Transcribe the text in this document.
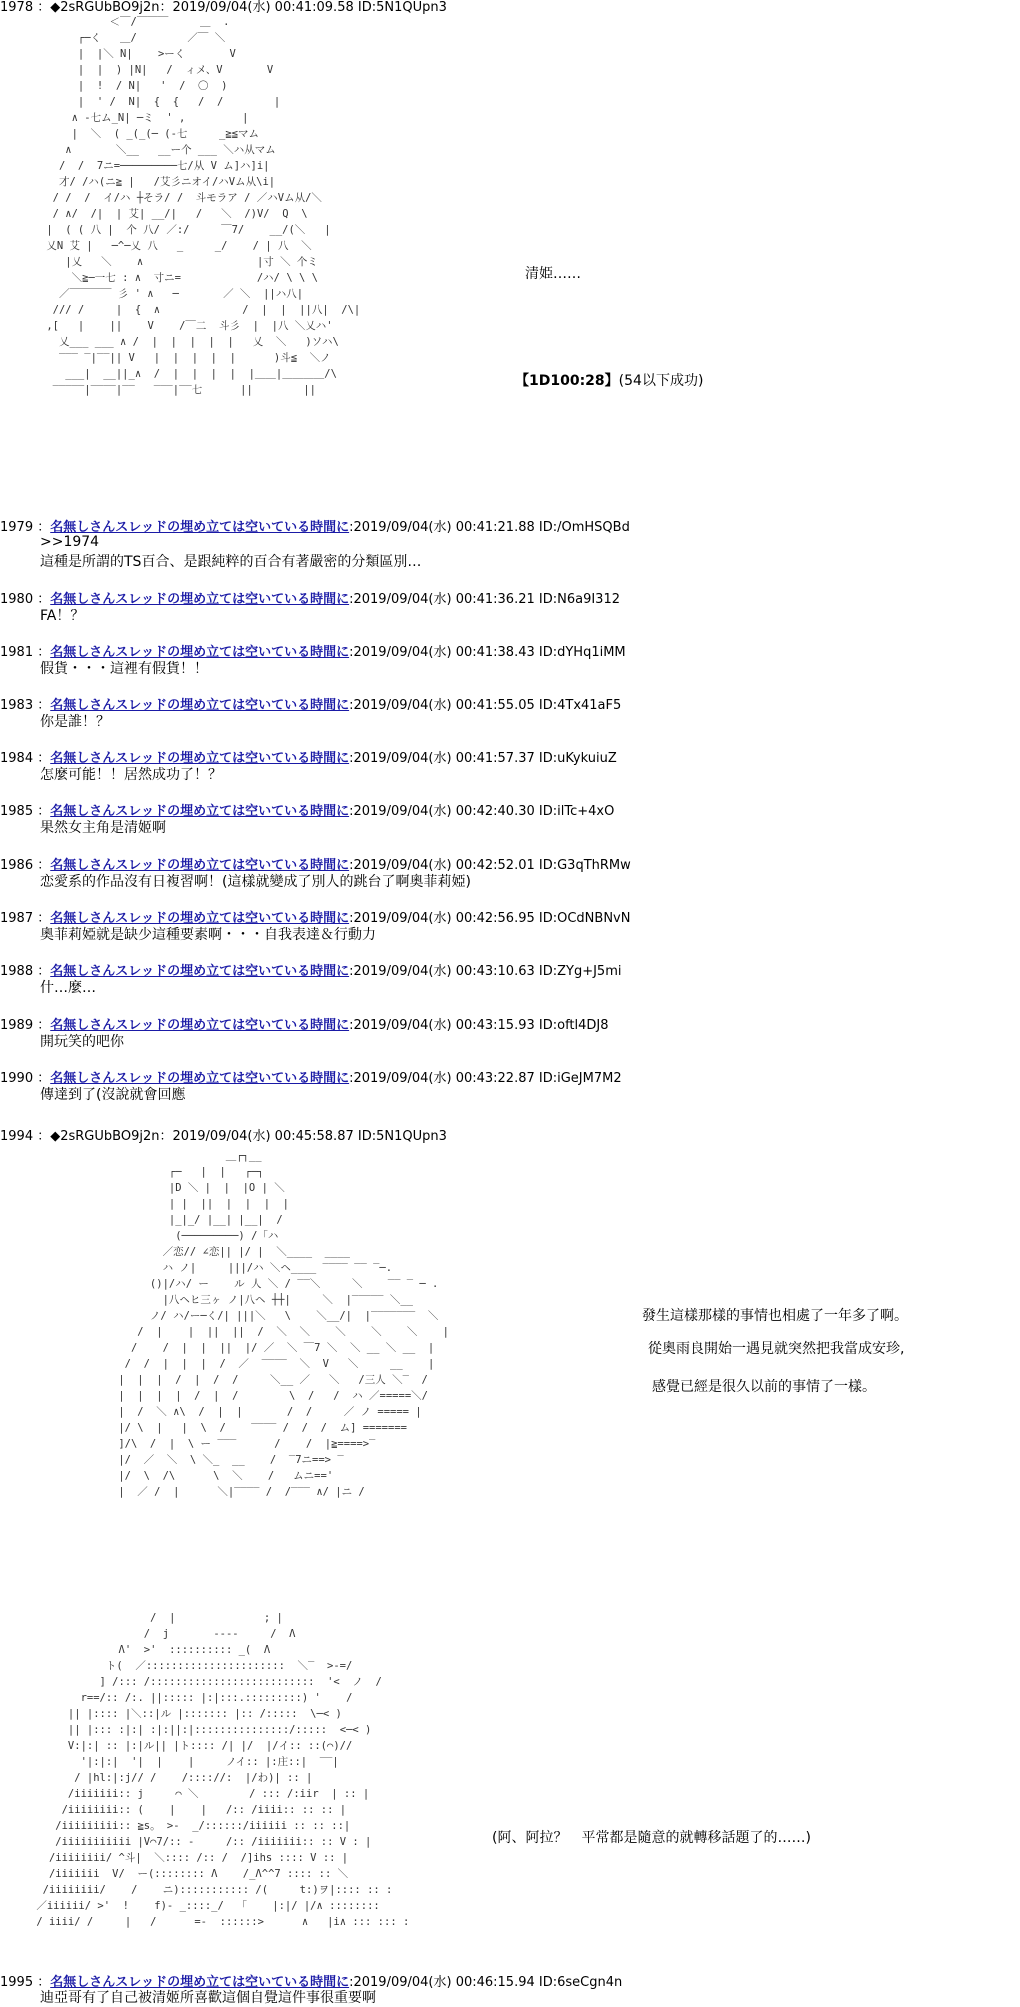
1978 ：◆2sRGUbBO9j2n：2019/09/04(水) 00:41:09.58 ID:5N1QUpn3
＜￣/￣￣￣     ＿  .
┌─く   ＿/        ／￣ ＼
|  |＼ N|    >ーく       V
|  |  ) |N|   /  ィメ、V       V
|  !  / N|   '  /  〇  )
|  ' /  N|  {  {   /  /        |
∧ -七ム_N| ─ミ  ' ,         |
|  ＼  ( _(_(─ (-七     _≧≦マム
∧       ＼__   __ー个 ___ ＼ハ从マム
/  /  7ニ=─────────七/从 V ム]ハ]i|
才/ /ハ(ニ≧ |   /艾彡ニオイ/ハVム从\i|
/ /  /  イ/ハ ┼そラ/ /  斗モラア / ／ハVム从/＼
/ ∧/  /|  | 艾| __/|   /   ＼  /)V/  Q  \
|  ( ( 八 |  个 八/ ／:/     ￣7/    __/(＼   |
乂N 艾 |   ─^─乂 八   _     _/    / | 八  ＼
|乂   ＼    ∧                  |寸 ＼ 个ミ
＼≧─一七 : ∧  寸ニ=            /ハ/ \ \ \
／￣￣￣￣ 彡 ' ∧   ─       ／ ＼  ||ハ八|
/// /     |  {  ∧             /  |  |  ||八|  /\|
,[   |    ||    V    /￣二  斗彡  |  |八 ＼乂ハ'
乂___ ___ ∧ /  |  |  |  |  |   乂  ＼   )ソハ\
‾‾‾ ‾|‾‾|| V   |  |  |  |  |      )斗≦  ＼ノ
___|  __||_∧  /  |  |  |  |  |＿＿|＿＿＿＿/\
‾‾‾‾‾|‾‾‾‾|‾‾   ‾‾‾|‾‾七      ||        ||
清姫……
【1D100:28】(54以下成功)
1979 ：名無しさんスレッドの埋め立ては空いている時間に:2019/09/04(水) 00:41:21.88 ID:/OmHSQBd
>>1974
這種是所謂的TS百合、是跟純粹的百合有著嚴密的分類區別…
1980 ：名無しさんスレッドの埋め立ては空いている時間に:2019/09/04(水) 00:41:36.21 ID:N6a9I312
FA！？
1981 ：名無しさんスレッドの埋め立ては空いている時間に:2019/09/04(水) 00:41:38.43 ID:dYHq1iMM
假貨・・・這裡有假貨！！
1983 ：名無しさんスレッドの埋め立ては空いている時間に:2019/09/04(水) 00:41:55.05 ID:4Tx41aF5
你是誰！？
1984 ：名無しさんスレッドの埋め立ては空いている時間に:2019/09/04(水) 00:41:57.37 ID:uKykuiuZ
怎麼可能！！居然成功了！？
1985 ：名無しさんスレッドの埋め立ては空いている時間に:2019/09/04(水) 00:42:40.30 ID:ilTc+4xO
果然女主角是清姬啊
1986 ：名無しさんスレッドの埋め立ては空いている時間に:2019/09/04(水) 00:42:52.01 ID:G3qThRMw
恋愛系的作品沒有日複習啊！(這樣就變成了別人的跳台了啊奧菲莉婭)
1987 ：名無しさんスレッドの埋め立ては空いている時間に:2019/09/04(水) 00:42:56.95 ID:OCdNBNvN
奧菲莉婭就是缺少這種要素啊・・・自我表達＆行動力
1988 ：名無しさんスレッドの埋め立ては空いている時間に:2019/09/04(水) 00:43:10.63 ID:ZYg+J5mi
什…麼…
1989 ：名無しさんスレッドの埋め立ては空いている時間に:2019/09/04(水) 00:43:15.93 ID:oftl4DJ8
開玩笑的吧你
1990 ：名無しさんスレッドの埋め立ては空いている時間に:2019/09/04(水) 00:43:22.87 ID:iGeJM7M2
傳達到了(沒說就會回應
1994 ：◆2sRGUbBO9j2n：2019/09/04(水) 00:45:58.87 ID:5N1QUpn3
＿┌┐__
┌─   |  |   ┌─┐
|D ＼ |  |  |O | ＼
| |  ||  |  |  |  |
|_|_/ |__| |__|  /
(─────────) /「ハ
／恋// ∠恋|| |/ |  ＼____  ____
ハ ノ|     |||/ハ ＼ヘ____ ‾‾‾‾ ‾‾ ‾─.
()|/ハ/ ー    ル 人 ＼ / ‾‾＼     ＼    ‾‾ ‾ ─ .
|八ヘヒ三ヶ ノ|八ヘ ┼┼|     ＼  |‾‾‾‾‾ ＼__
ノ/ ハ/ー─く/| |||＼   \    ＼__/|  |‾‾‾‾‾‾‾  ＼
/  |    |  ||  ||  /  ＼  ＼    ＼    ＼    ＼    |
/    /  |  |  ||  |/ ／  ＼ ￣7 ＼  ＼ __ ＼ __  |
/  /  |  |  |  /  ／  ‾‾‾‾  ＼  V   ＼     __    |
|  |  |  /  |  /  /     ＼__ ／   ＼   /三人 ＼‾  /
|  |  |  |  /  |  /        \  /   /  ハ ／=====＼/
|  /  ＼ ∧\  /  |  |       /  /     ／ ノ ===== |
|/ \  |   |  \  /    ‾‾‾‾ /  /  /  ム] =======
]/\  /  |  \ ー ‾‾‾      /    /  |≧====>‾
|/  ／  ＼  \ ＼_  __    /  ‾7ニ==> ‾
|/  \  /\      \  ＼    /   ムニ=='
|  ／ /  |      ＼|‾‾‾‾ /  /‾‾‾ ∧/ |ニ /
發生這樣那樣的事情也相處了一年多了啊。
從奧雨良開始一遇見就突然把我當成安珍,
感覺已經是很久以前的事情了一樣。
/  |              ; |
/  j       ----     /  Λ
Λ'  >'  :::::::::: _(  Λ
ト(  ／::::::::::::::::::::::  ＼‾  >-=/
] /::: /::::::::::::::::::::::::::  '<  ノ  /
r==/:: /:. ||::::: |:|:::.:::::::::) '    /
|| |:::: |＼::|ル |::::::: |:: /:::::  \─< )
|| |::: :|:| :|:||:|:::::::::::::::/:::::  <─< )
V:|:| :: |:|ル|| |ト:::: /| |/  |/イ:: ::(⌒)//
'|:|:|  '|  |    |     ノイ:: |:庄::|  ‾‾|
/ |hl:|:j// /    /:::://:  |/わ)| :: |
/iiiiiii:: j     ⌒ ＼        / ::: /:iir  | :: |
/iiiiiiii:: (    |    |   /:: /iiii:: :: :: |
/iiiiiiiii:: ≧s。 >-  _/::::::/iiiiii :: :: ::|
/iiiiiiiiiii |V⌒7/:: -     /:: /iiiiiii:: :: V : |
/iiiiiiii/ ^斗|  ＼:::: /:: /  /]ihs :::: V :: |
/iiiiiii  V/  ー(:::::::: Λ    /_Λ^^7 :::: :: ＼
/iiiiiiii/    /    ニ)::::::::::: /(     t:)ヲ|:::: :: :
／iiiiii/ >'  !    f)- _::::_/  「    |:|/ |/∧ ::::::::
/ iiii/ /     |   /      =-  ::::::>      ∧   |i∧ ::: ::: :
(阿、阿拉？　平常都是隨意的就轉移話題了的……)
1995 ：名無しさんスレッドの埋め立ては空いている時間に:2019/09/04(水) 00:46:15.94 ID:6seCgn4n
迪亞哥有了自己被清姬所喜歡這個自覺這件事很重要啊
